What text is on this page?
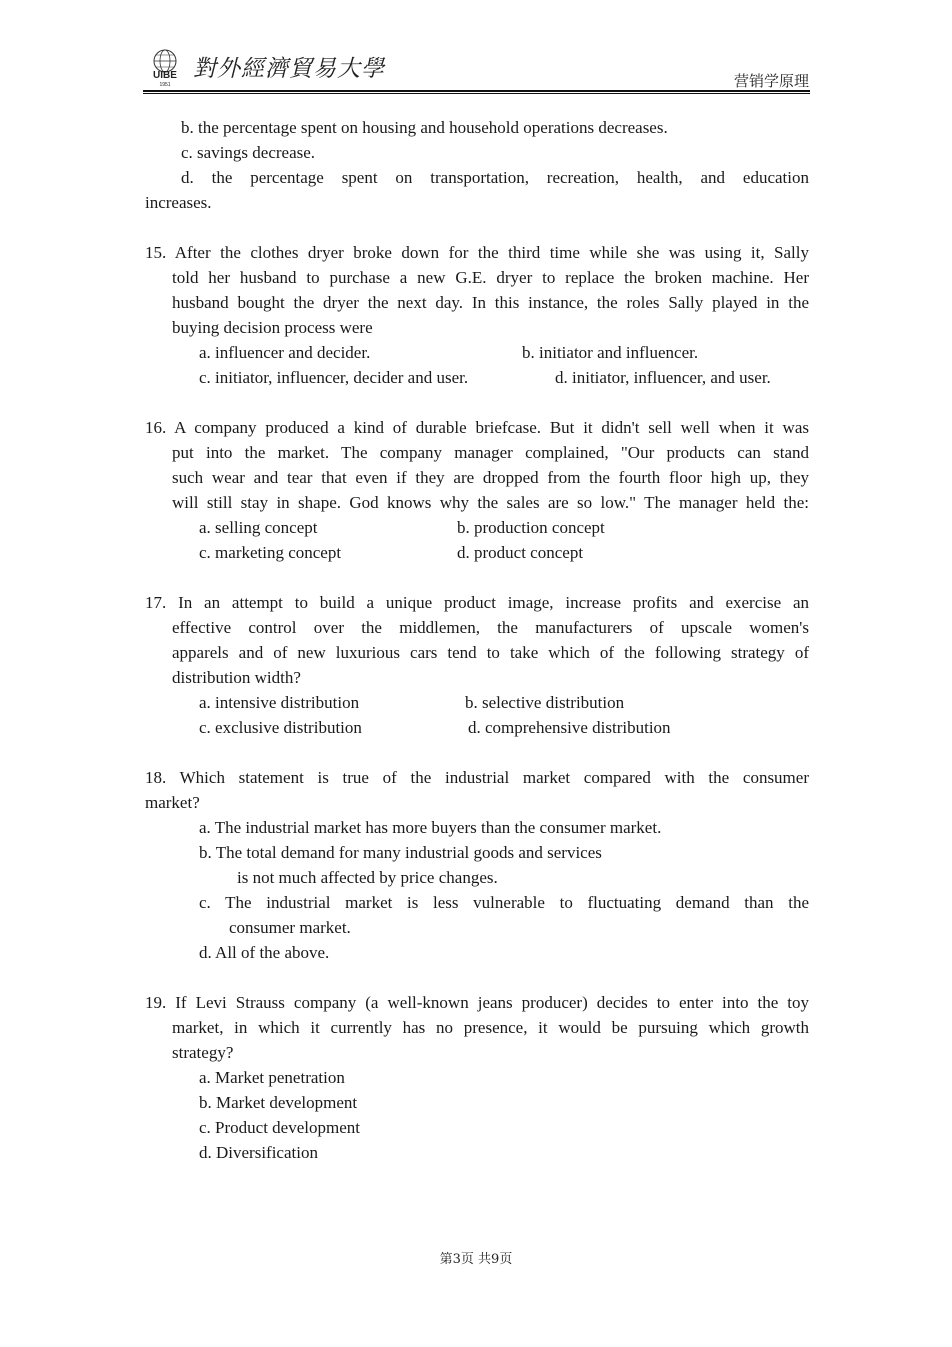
UIBE
1951
對外經濟貿易大學	营销学原理
b. the percentage spent on housing and household operations decreases.
c. savings decrease.
d. the percentage spent on transportation, recreation, health, and education
increases.
15. After the clothes dryer broke down for the third time while she was using it, Sally
told her husband to purchase a new G.E. dryer to replace the broken machine. Her
husband bought the dryer the next day. In this instance, the roles Sally played in the
buying decision process were
a. influencer and decider.	b. initiator and influencer.
c. initiator, influencer, decider and user.	d. initiator, influencer, and user.
16. A company produced a kind of durable briefcase. But it didn't sell well when it was
put into the market. The company manager complained, "Our products can stand
such wear and tear that even if they are dropped from the fourth floor high up, they
will still stay in shape. God knows why the sales are so low." The manager held the:
a. selling concept	b. production concept
c. marketing concept	d. product concept
17. In an attempt to build a unique product image, increase profits and exercise an
effective control over the middlemen, the manufacturers of upscale women's
apparels and of new luxurious cars tend to take which of the following strategy of
distribution width?
a. intensive distribution	b. selective distribution
c. exclusive distribution	d. comprehensive distribution
18. Which statement is true of the industrial market compared with the consumer
market?
a. The industrial market has more buyers than the consumer market.
b. The total demand for many industrial goods and services
is not much affected by price changes.
c. The industrial market is less vulnerable to fluctuating demand than the
consumer market.
d. All of the above.
19. If Levi Strauss company (a well-known jeans producer) decides to enter into the toy
market, in which it currently has no presence, it would be pursuing which growth
strategy?
a. Market penetration
b. Market development
c. Product development
d. Diversification
第3页 共9页
